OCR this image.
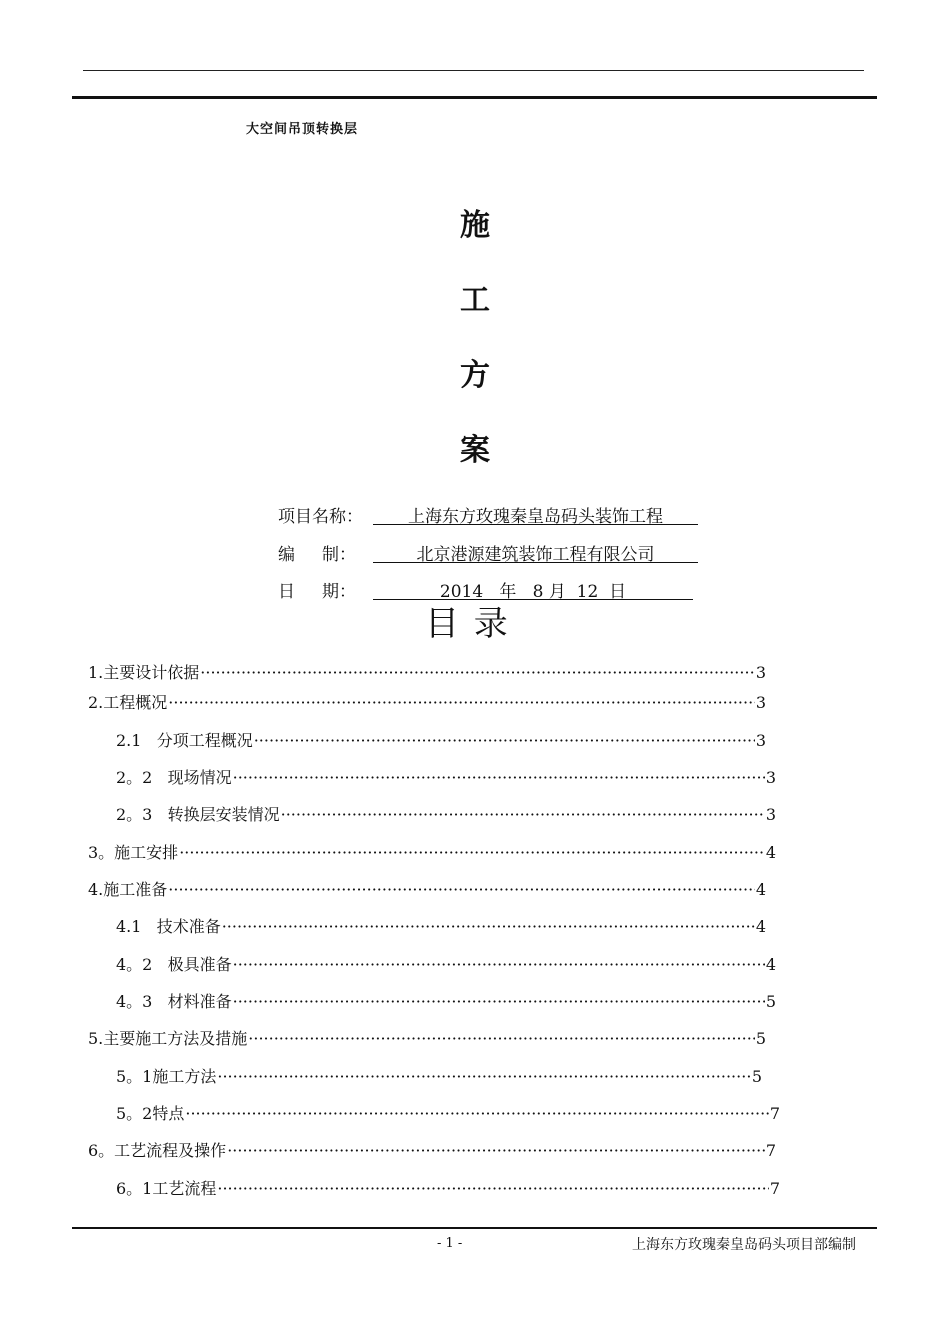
大空间吊顶转换层
施
工
方
案
项目名称：	上海东方玫瑰秦皇岛码头装饰工程
编     制：	北京港源建筑装饰工程有限公司
日     期：	2014   年   8 月  12  日
目 录
1.主要设计依据 ·····	3
2.工程概况 ·····	3
2.1   分项工程概况 ·····	3
2。2   现场情况 ·····	3
2。3   转换层安装情况 ·····	3
3。施工安排 ·····	4
4.施工准备 ·····	4
4.1   技术准备 ·····	4
4。2   极具准备 ·····	4
4。3   材料准备 ·····	5
5.主要施工方法及措施 ·····	5
5。1施工方法 ·····	5
5。2特点 ·····	7
6。工艺流程及操作 ·····	7
6。1工艺流程 ·····	7
- 1 -	上海东方玫瑰秦皇岛码头项目部编制
